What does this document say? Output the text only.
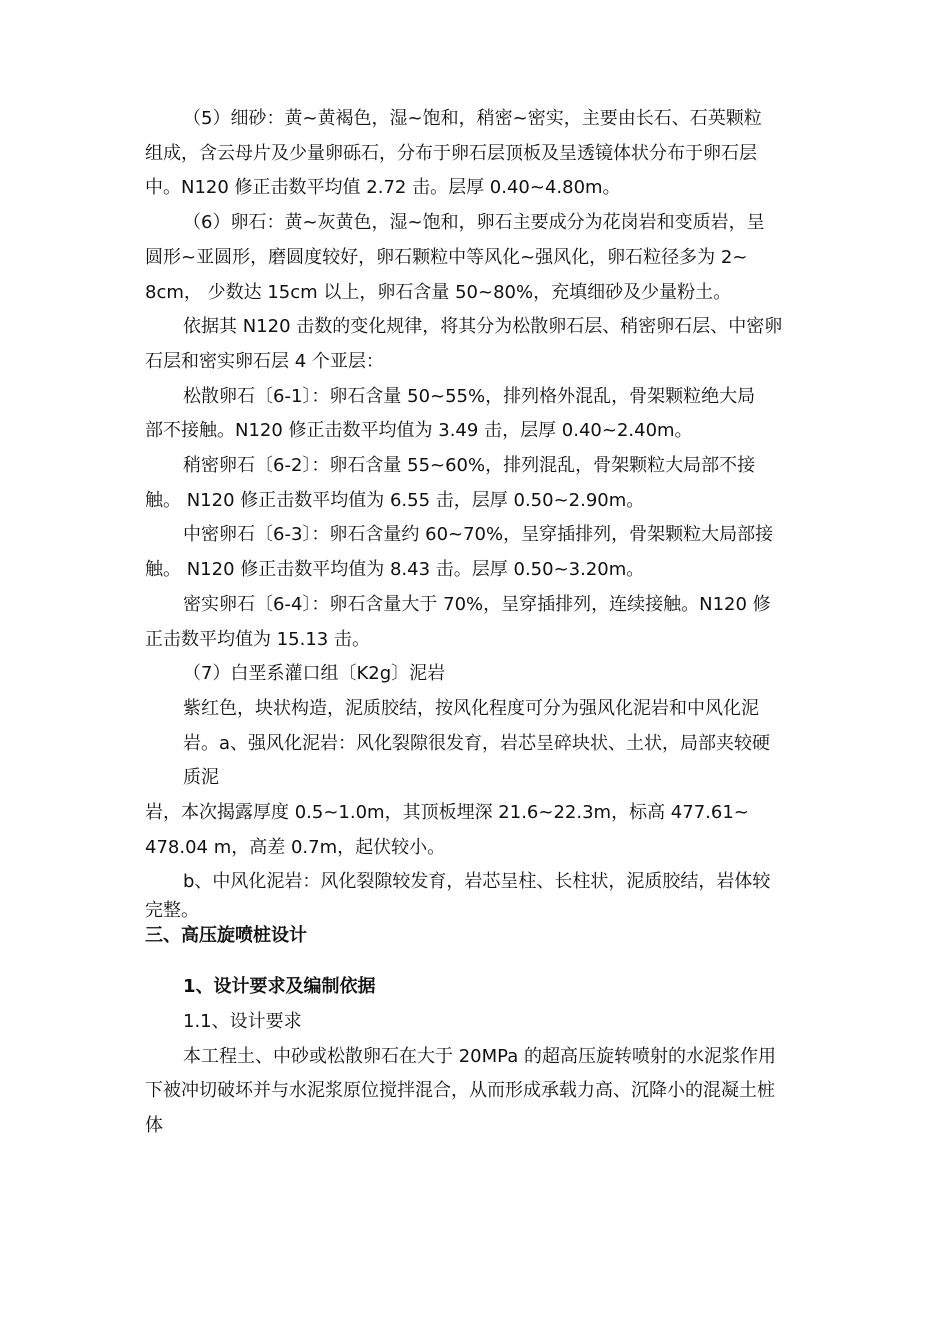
（5）细砂：黄~黄褐色，湿~饱和，稍密~密实，主要由长石、石英颗粒
组成，含云母片及少量卵砾石，分布于卵石层顶板及呈透镜体状分布于卵石层
中。N120 修正击数平均值 2.72 击。层厚 0.40~4.80m。
（6）卵石：黄~灰黄色，湿~饱和，卵石主要成分为花岗岩和变质岩，呈
圆形~亚圆形，磨圆度较好，卵石颗粒中等风化~强风化，卵石粒径多为 2~
8cm， 少数达 15cm 以上，卵石含量 50~80%，充填细砂及少量粉土。
依据其 N120 击数的变化规律，将其分为松散卵石层、稍密卵石层、中密卵
石层和密实卵石层 4 个亚层：
松散卵石〔6-1〕：卵石含量 50~55%，排列格外混乱，骨架颗粒绝大局
部不接触。N120 修正击数平均值为 3.49 击，层厚 0.40~2.40m。
稍密卵石〔6-2〕：卵石含量 55~60%，排列混乱，骨架颗粒大局部不接
触。 N120 修正击数平均值为 6.55 击，层厚 0.50~2.90m。
中密卵石〔6-3〕：卵石含量约 60~70%，呈穿插排列，骨架颗粒大局部接
触。 N120 修正击数平均值为 8.43 击。层厚 0.50~3.20m。
密实卵石〔6-4〕：卵石含量大于 70%，呈穿插排列，连续接触。N120 修
正击数平均值为 15.13 击。
（7）白垩系灌口组〔K2g〕泥岩
紫红色，块状构造，泥质胶结，按风化程度可分为强风化泥岩和中风化泥
岩。a、强风化泥岩：风化裂隙很发育，岩芯呈碎块状、土状，局部夹较硬
质泥
岩，本次揭露厚度 0.5~1.0m，其顶板埋深 21.6~22.3m，标高 477.61~
478.04 m，高差 0.7m，起伏较小。
b、中风化泥岩：风化裂隙较发育，岩芯呈柱、长柱状，泥质胶结，岩体较
完整。
三、高压旋喷桩设计
1、设计要求及编制依据
1.1、设计要求
本工程土、中砂或松散卵石在大于 20MPa 的超高压旋转喷射的水泥浆作用
下被冲切破坏并与水泥浆原位搅拌混合，从而形成承载力高、沉降小的混凝土桩
体
